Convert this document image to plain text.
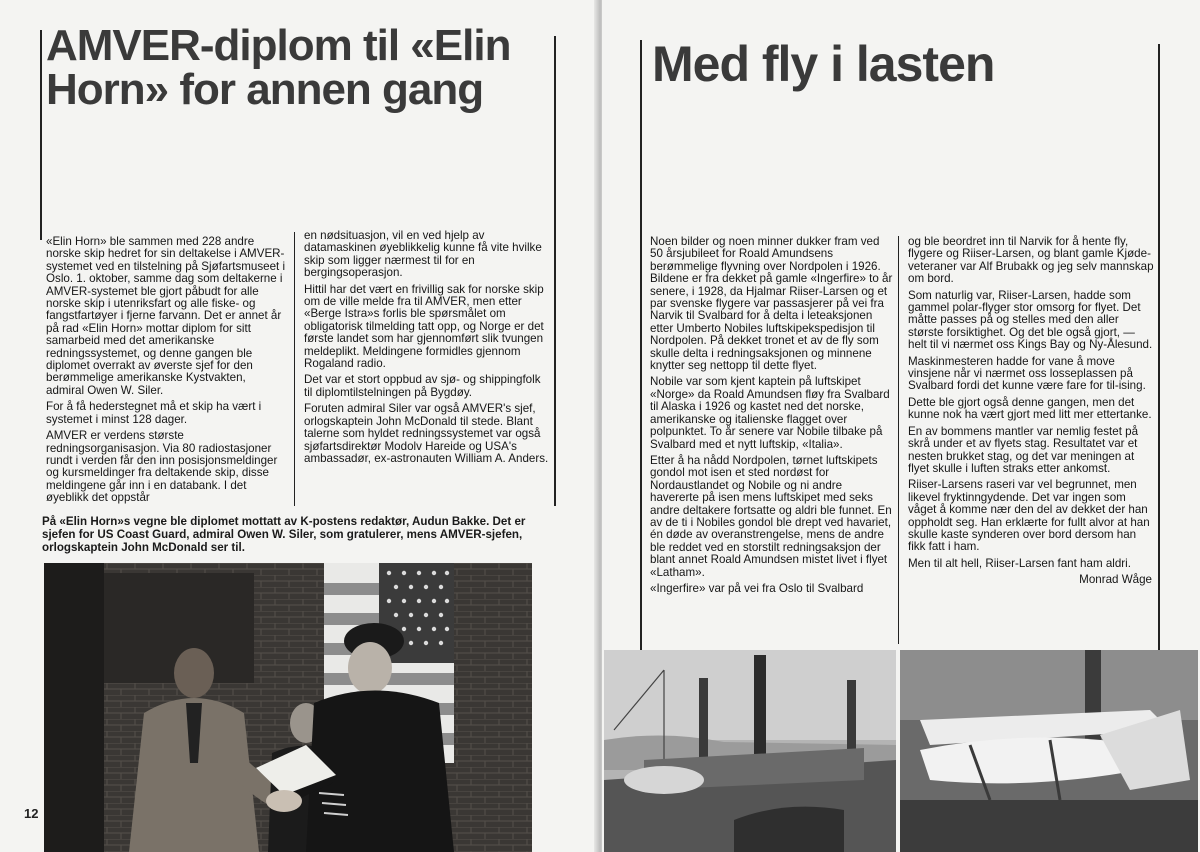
12
AMVER-diplom til «Elin Horn» for annen gang	Med fly i lasten

«Elin Horn» ble sammen med 228 andre norske skip hedret for sin deltakelse i AMVER-systemet ved en tilstelning på Sjøfartsmuseet i Oslo. 1. oktober, samme dag som deltakerne i AMVER-systemet ble gjort påbudt for alle norske skip i utenriksfart og alle fiske- og fangstfartøyer i fjerne farvann. Det er annet år på rad «Elin Horn» mottar diplom for sitt samarbeid med det amerikanske redningssystemet, og denne gangen ble diplomet overrakt av øverste sjef for den berømmelige amerikanske Kystvakten, admiral Owen W. Siler.

For å få hederstegnet må et skip ha vært i systemet i minst 128 dager.

AMVER er verdens største redningsorganisasjon. Via 80 radiostasjoner rundt i verden får den inn posisjonsmeldinger og kursmeldinger fra deltakende skip, disse meldingene går inn i en databank. I det øyeblikk det oppstår

en nødsituasjon, vil en ved hjelp av datamaskinen øyeblikkelig kunne få vite hvilke skip som ligger nærmest til for en bergingsoperasjon.

Hittil har det vært en frivillig sak for norske skip om de ville melde fra til AMVER, men etter «Berge Istra»s forlis ble spørsmålet om obligatorisk tilmelding tatt opp, og Norge er det første landet som har gjennomført slik tvungen meldeplikt. Meldingene formidles gjennom Rogaland radio.

Det var et stort oppbud av sjø- og shippingfolk til diplomtilstelningen på Bygdøy.

Foruten admiral Siler var også AMVER's sjef, orlogskaptein John McDonald til stede. Blant talerne som hyldet redningssystemet var også sjøfartsdirektør Modolv Hareide og USA's ambassadør, ex-astronauten William A. Anders.

På «Elin Horn»s vegne ble diplomet mottatt av K-postens redaktør, Audun Bakke. Det er sjefen for US Coast Guard, admiral Owen W. Siler, som gratulerer, mens AMVER-sjefen, orlogskaptein John McDonald ser til.

Noen bilder og noen minner dukker fram ved 50 årsjubileet for Roald Amundsens berømmelige flyvning over Nordpolen i 1926. Bildene er fra dekket på gamle «Ingerfire» to år senere, i 1928, da Hjalmar Riiser-Larsen og et par svenske flygere var passasjerer på vei fra Narvik til Svalbard for å delta i leteaksjonen etter Umberto Nobiles luftskipekspedisjon til Nordpolen. På dekket tronet et av de fly som skulle delta i redningsaksjonen og minnene knytter seg nettopp til dette flyet.

Nobile var som kjent kaptein på luftskipet «Norge» da Roald Amundsen fløy fra Svalbard til Alaska i 1926 og kastet ned det norske, amerikanske og italienske flagget over polpunktet. To år senere var Nobile tilbake på Svalbard med et nytt luftskip, «Italia».

Etter å ha nådd Nordpolen, tørnet luftskipets gondol mot isen et sted nordøst for Nordaustlandet og Nobile og ni andre havererte på isen mens luftskipet med seks andre deltakere fortsatte og aldri ble funnet. En av de ti i Nobiles gondol ble drept ved havariet, én døde av overanstrengelse, mens de andre ble reddet ved en storstilt redningsaksjon der blant annet Roald Amundsen mistet livet i flyet «Latham».

«Ingerfire» var på vei fra Oslo til Svalbard

og ble beordret inn til Narvik for å hente fly, flygere og Riiser-Larsen, og blant gamle Kjøde-veteraner var Alf Brubakk og jeg selv mannskap om bord.

Som naturlig var, Riiser-Larsen, hadde som gammel polar-flyger stor omsorg for flyet. Det måtte passes på og stelles med den aller største forsiktighet. Og det ble også gjort, — helt til vi nærmet oss Kings Bay og Ny-Ålesund.

Maskinmesteren hadde for vane å move vinsjene når vi nærmet oss losseplassen på Svalbard fordi det kunne være fare for til-ising.

Dette ble gjort også denne gangen, men det kunne nok ha vært gjort med litt mer ettertanke.

En av bommens mantler var nemlig festet på skrå under et av flyets stag. Resultatet var et nesten brukket stag, og det var meningen at flyet skulle i luften straks etter ankomst.

Riiser-Larsens raseri var vel begrunnet, men likevel fryktinngydende. Det var ingen som våget å komme nær den del av dekket der han oppholdt seg. Han erklærte for fullt alvor at han skulle kaste synderen over bord dersom han fikk fatt i ham.

Men til alt hell, Riiser-Larsen fant ham aldri.

Monrad Wåge
